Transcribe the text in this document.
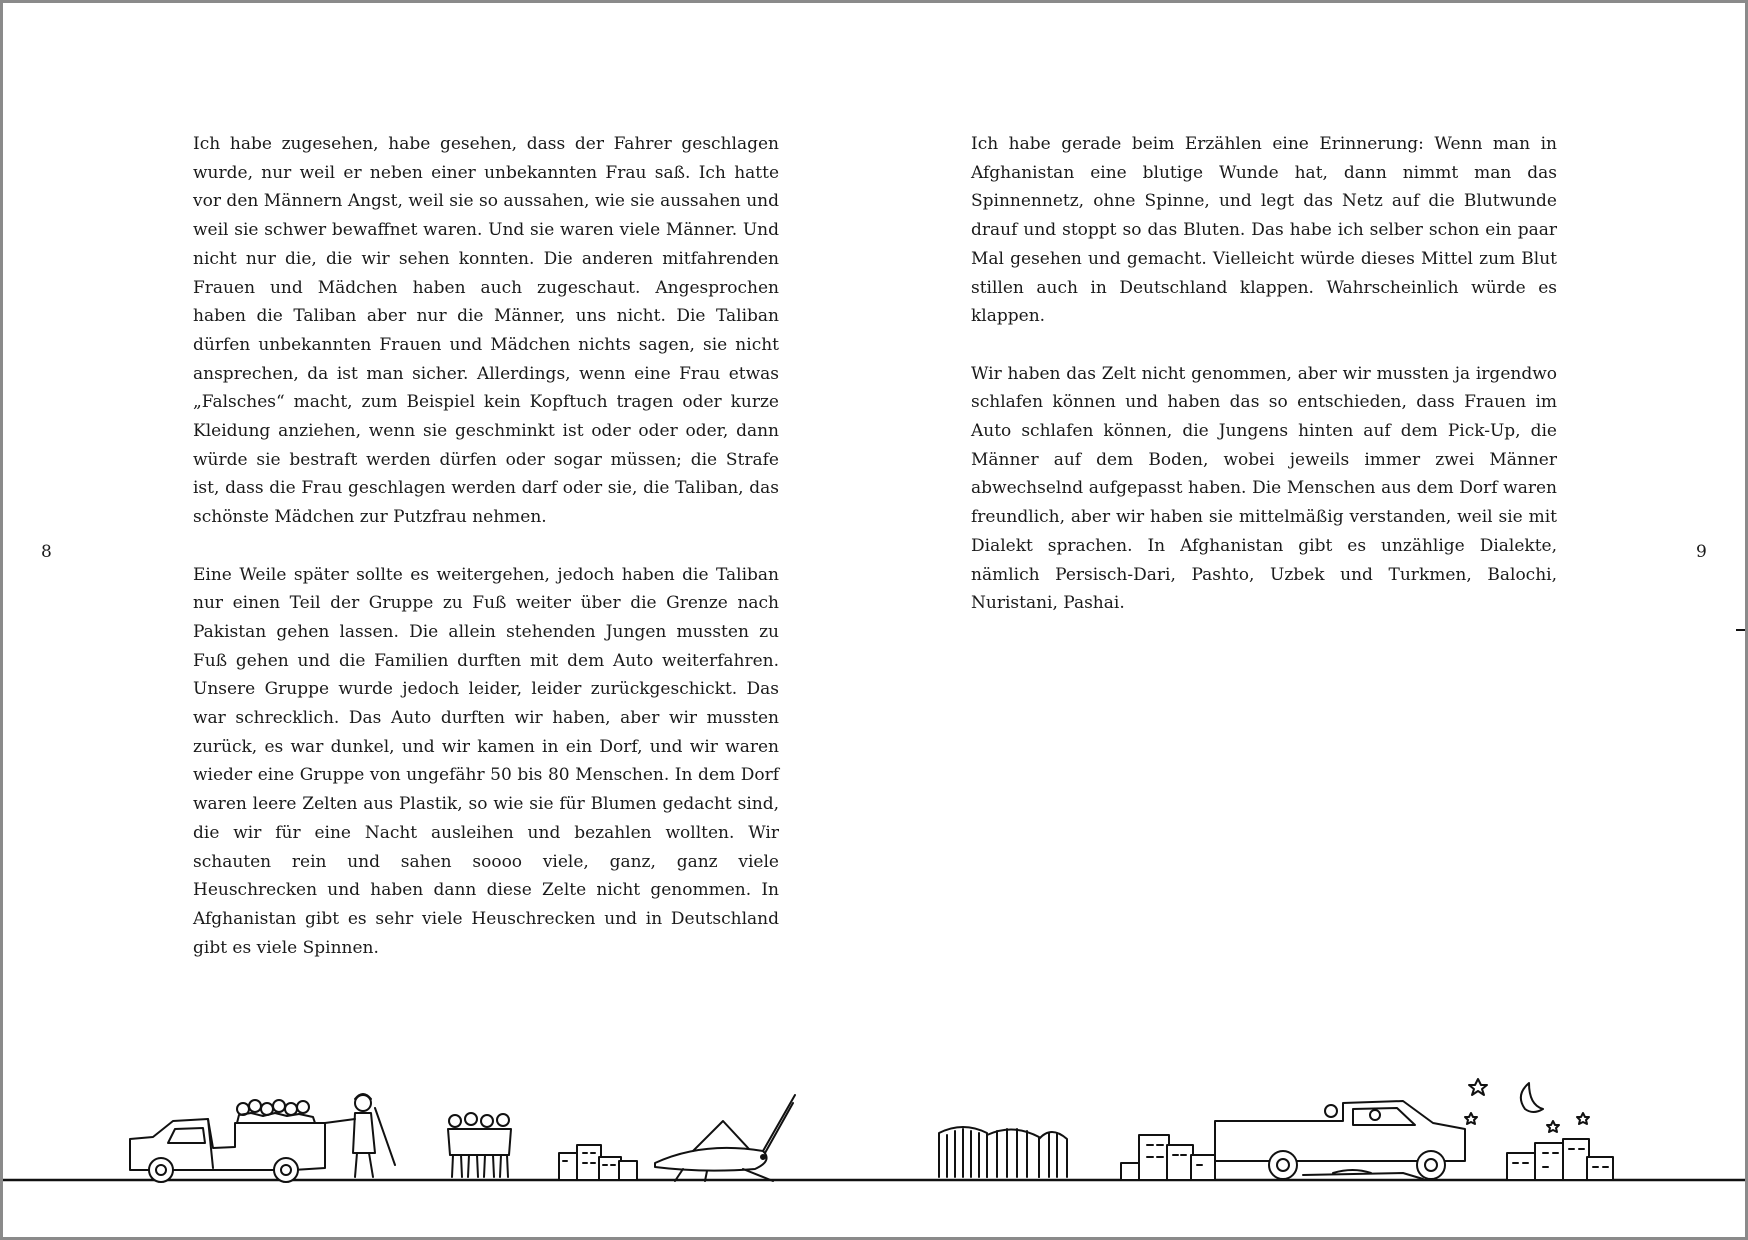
Ich habe zugesehen, habe gesehen, dass der Fahrer geschlagen wurde, nur weil er neben einer unbekannten Frau saß. Ich hatte vor den Männern Angst, weil sie so aussahen, wie sie aussahen und weil sie schwer bewaffnet waren. Und sie waren viele Männer. Und nicht nur die, die wir sehen konnten. Die anderen mitfahrenden Frauen und Mädchen haben auch zugeschaut. Angesprochen haben die Taliban aber nur die Männer, uns nicht. Die Taliban dürfen unbekannten Frauen und Mädchen nichts sagen, sie nicht ansprechen, da ist man sicher. Allerdings, wenn eine Frau etwas „Falsches“ macht, zum Beispiel kein Kopftuch tragen oder kurze Kleidung anziehen, wenn sie geschminkt ist oder oder oder, dann würde sie bestraft werden dürfen oder sogar müssen; die Strafe ist, dass die Frau geschlagen werden darf oder sie, die Taliban, das schönste Mädchen zur Putzfrau nehmen.

Eine Weile später sollte es weitergehen, jedoch haben die Taliban nur einen Teil der Gruppe zu Fuß weiter über die Grenze nach Pakistan gehen lassen. Die allein stehenden Jungen mussten zu Fuß gehen und die Familien durften mit dem Auto weiterfahren. Unsere Gruppe wurde jedoch leider, leider zurückgeschickt. Das war schrecklich. Das Auto durften wir haben, aber wir mussten zurück, es war dunkel, und wir kamen in ein Dorf, und wir waren wieder eine Gruppe von ungefähr 50 bis 80 Menschen. In dem Dorf waren leere Zelten aus Plastik, so wie sie für Blumen gedacht sind, die wir für eine Nacht ausleihen und bezahlen wollten. Wir schauten rein und sahen soooo viele, ganz, ganz viele Heuschrecken und haben dann diese Zelte nicht genommen. In Afghanistan gibt es sehr viele Heuschrecken und in Deutschland gibt es viele Spinnen.

Ich habe gerade beim Erzählen eine Erinnerung: Wenn man in Afghanistan eine blutige Wunde hat, dann nimmt man das Spinnennetz, ohne Spinne, und legt das Netz auf die Blutwunde drauf und stoppt so das Bluten. Das habe ich selber schon ein paar Mal gesehen und gemacht. Vielleicht würde dieses Mittel zum Blut stillen auch in Deutschland klappen. Wahrscheinlich würde es klappen.

Wir haben das Zelt nicht genommen, aber wir mussten ja irgendwo schlafen können und haben das so entschieden, dass Frauen im Auto schlafen können, die Jungens hinten auf dem Pick-Up, die Männer auf dem Boden, wobei jeweils immer zwei Männer abwechselnd aufgepasst haben. Die Menschen aus dem Dorf waren freundlich, aber wir haben sie mittelmäßig verstanden, weil sie mit Dialekt sprachen. In Afghanistan gibt es unzählige Dialekte, nämlich Persisch-Dari, Pashto, Uzbek und Turkmen, Balochi, Nuristani, Pashai.

8	9
